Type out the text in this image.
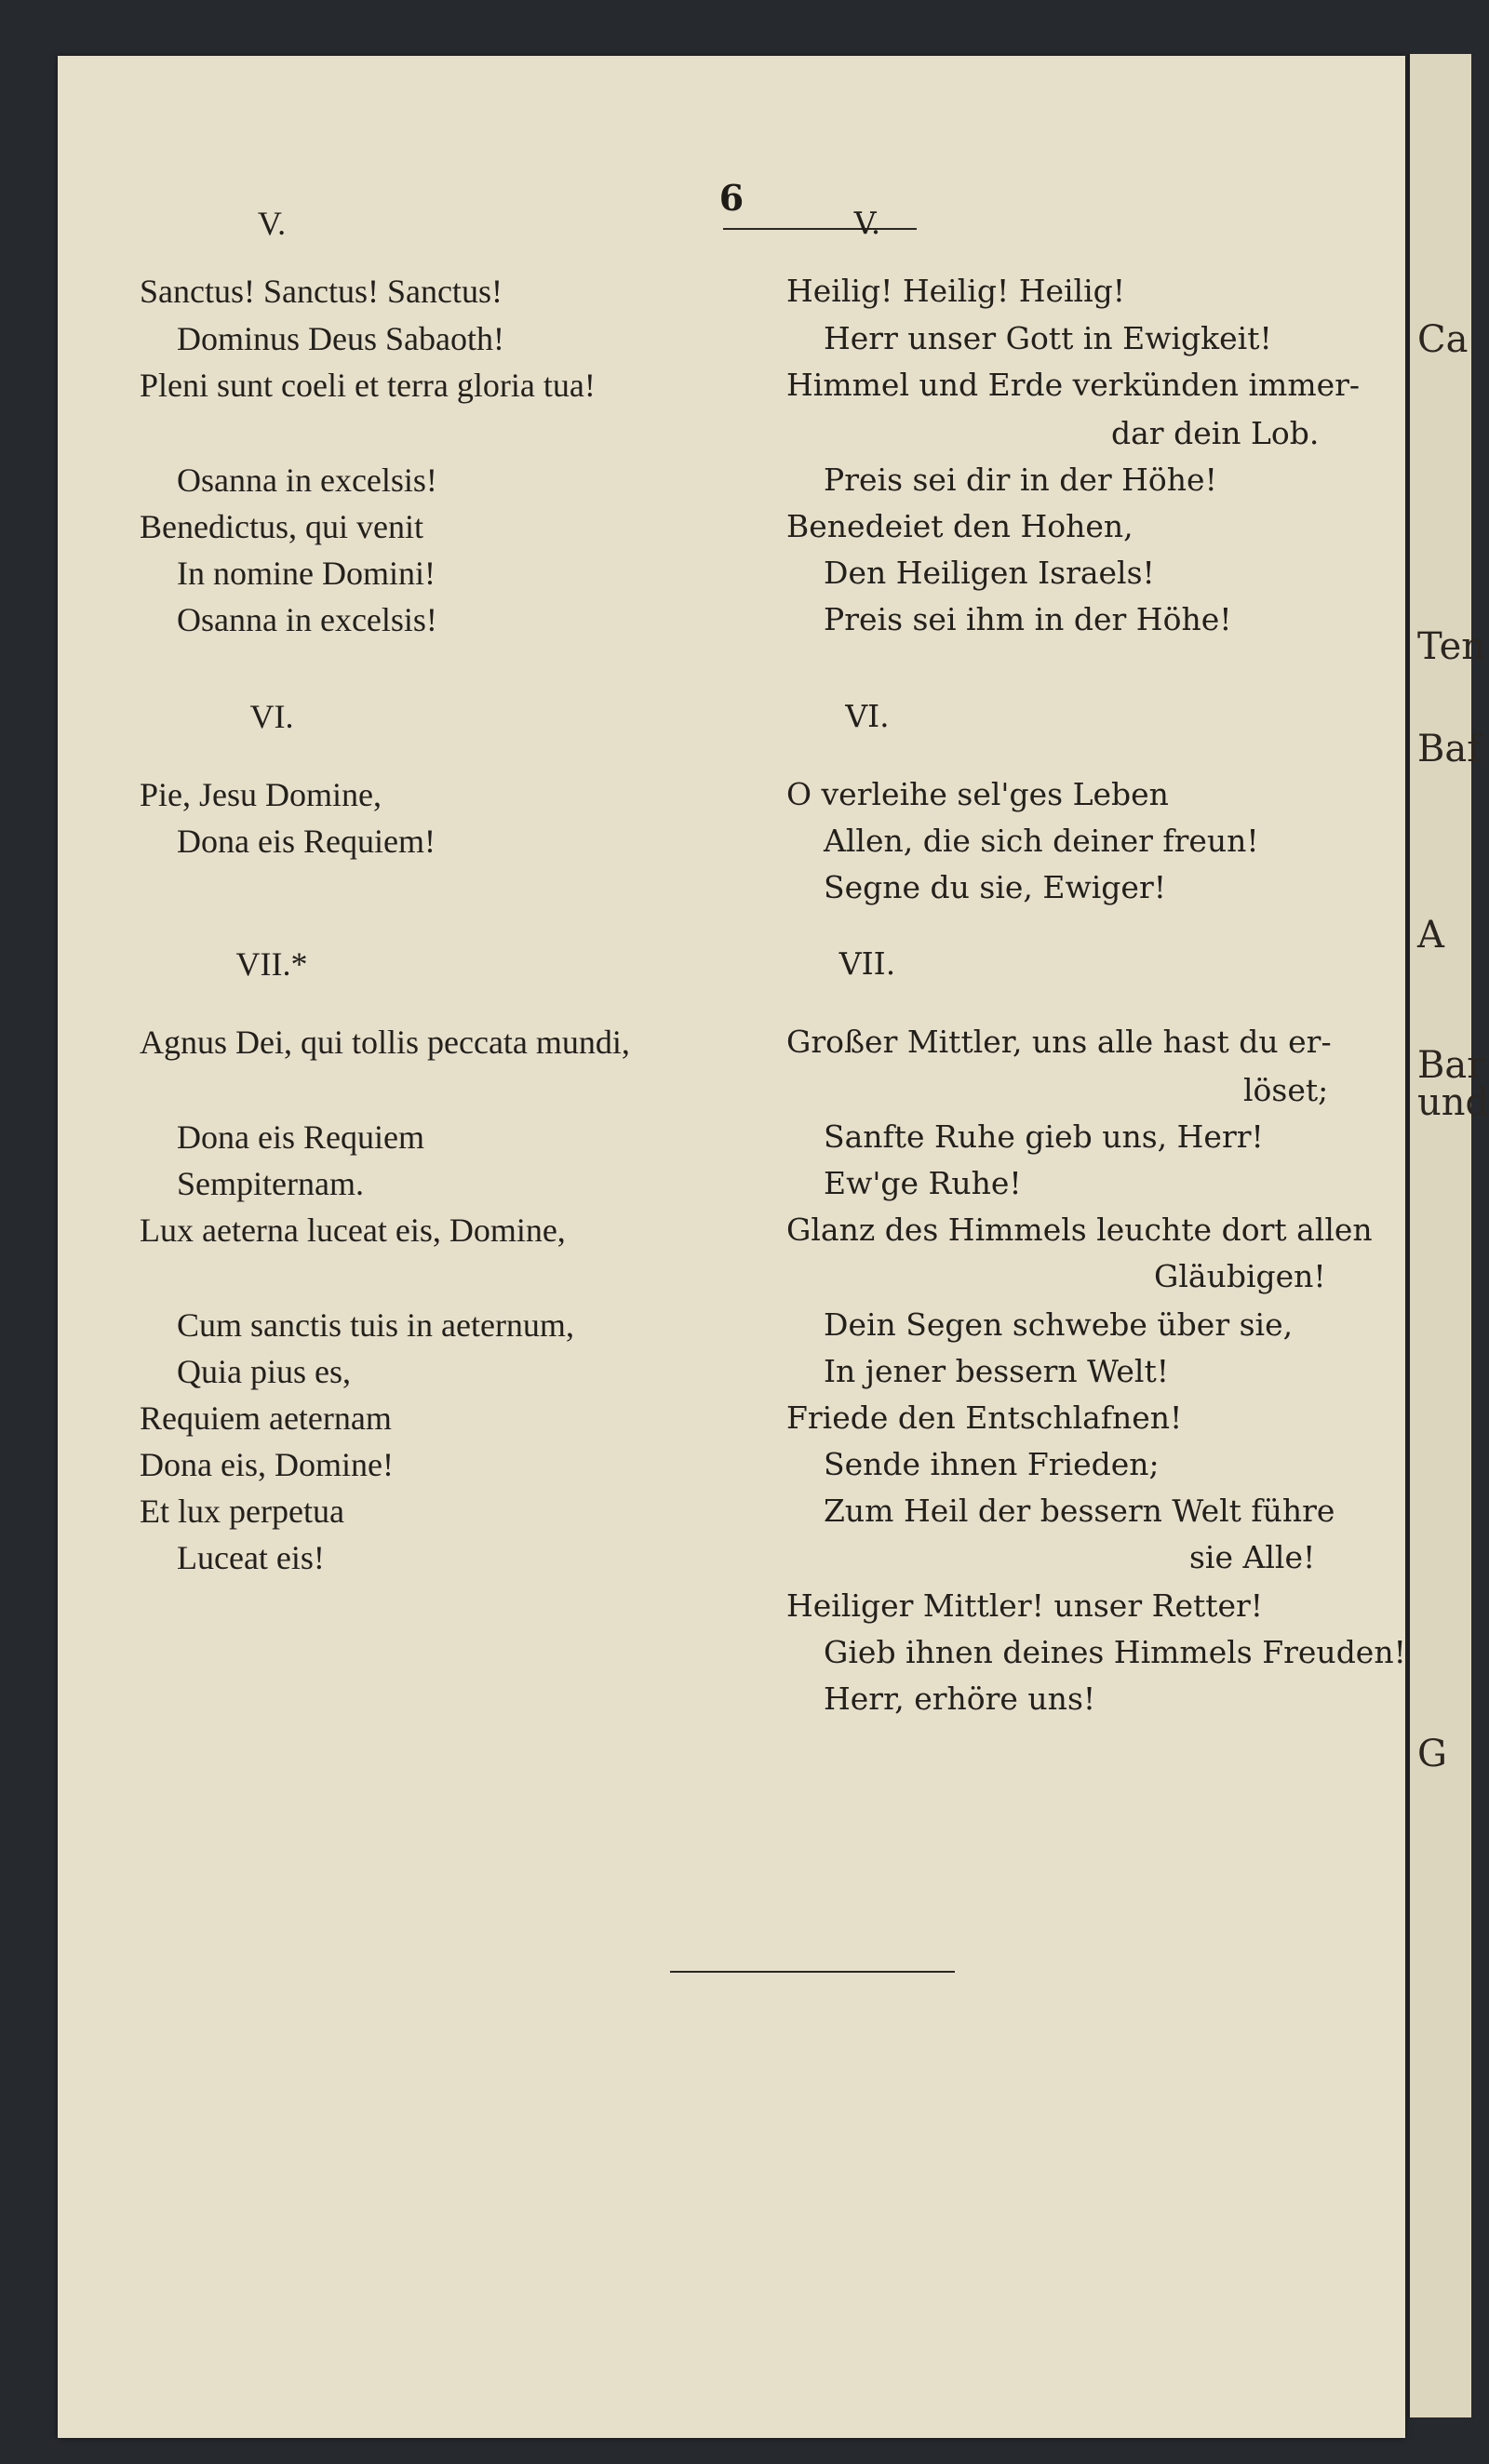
6
V.
Sanctus! Sanctus! Sanctus!
Dominus Deus Sabaoth!
Pleni sunt coeli et terra gloria tua!
Osanna in excelsis!
Benedictus, qui venit
In nomine Domini!
Osanna in excelsis!
VI.
Pie, Jesu Domine,
Dona eis Requiem!
VII.*
Agnus Dei, qui tollis peccata mundi,
Dona eis Requiem
Sempiternam.
Lux aeterna luceat eis, Domine,
Cum sanctis tuis in aeternum,
Quia pius es,
Requiem aeternam
Dona eis, Domine!
Et lux perpetua
Luceat eis!
V.
Heilig! Heilig! Heilig!
Herr unser Gott in Ewigkeit!
Himmel und Erde verkünden immer-
dar dein Lob.
Preis sei dir in der Höhe!
Benedeiet den Hohen,
Den Heiligen Israels!
Preis sei ihm in der Höhe!
VI.
O verleihe sel'ges Leben
Allen, die sich deiner freun!
Segne du sie, Ewiger!
VII.
Großer Mittler, uns alle hast du er-
löset;
Sanfte Ruhe gieb uns, Herr!
Ew'ge Ruhe!
Glanz des Himmels leuchte dort allen
Gläubigen!
Dein Segen schwebe über sie,
In jener bessern Welt!
Friede den Entschlafnen!
Sende ihnen Frieden;
Zum Heil der bessern Welt führe
sie Alle!
Heiliger Mittler! unser Retter!
Gieb ihnen deines Himmels Freuden!
Herr, erhöre uns!
Ca
Ten
Baf
A
Bar
und
G
